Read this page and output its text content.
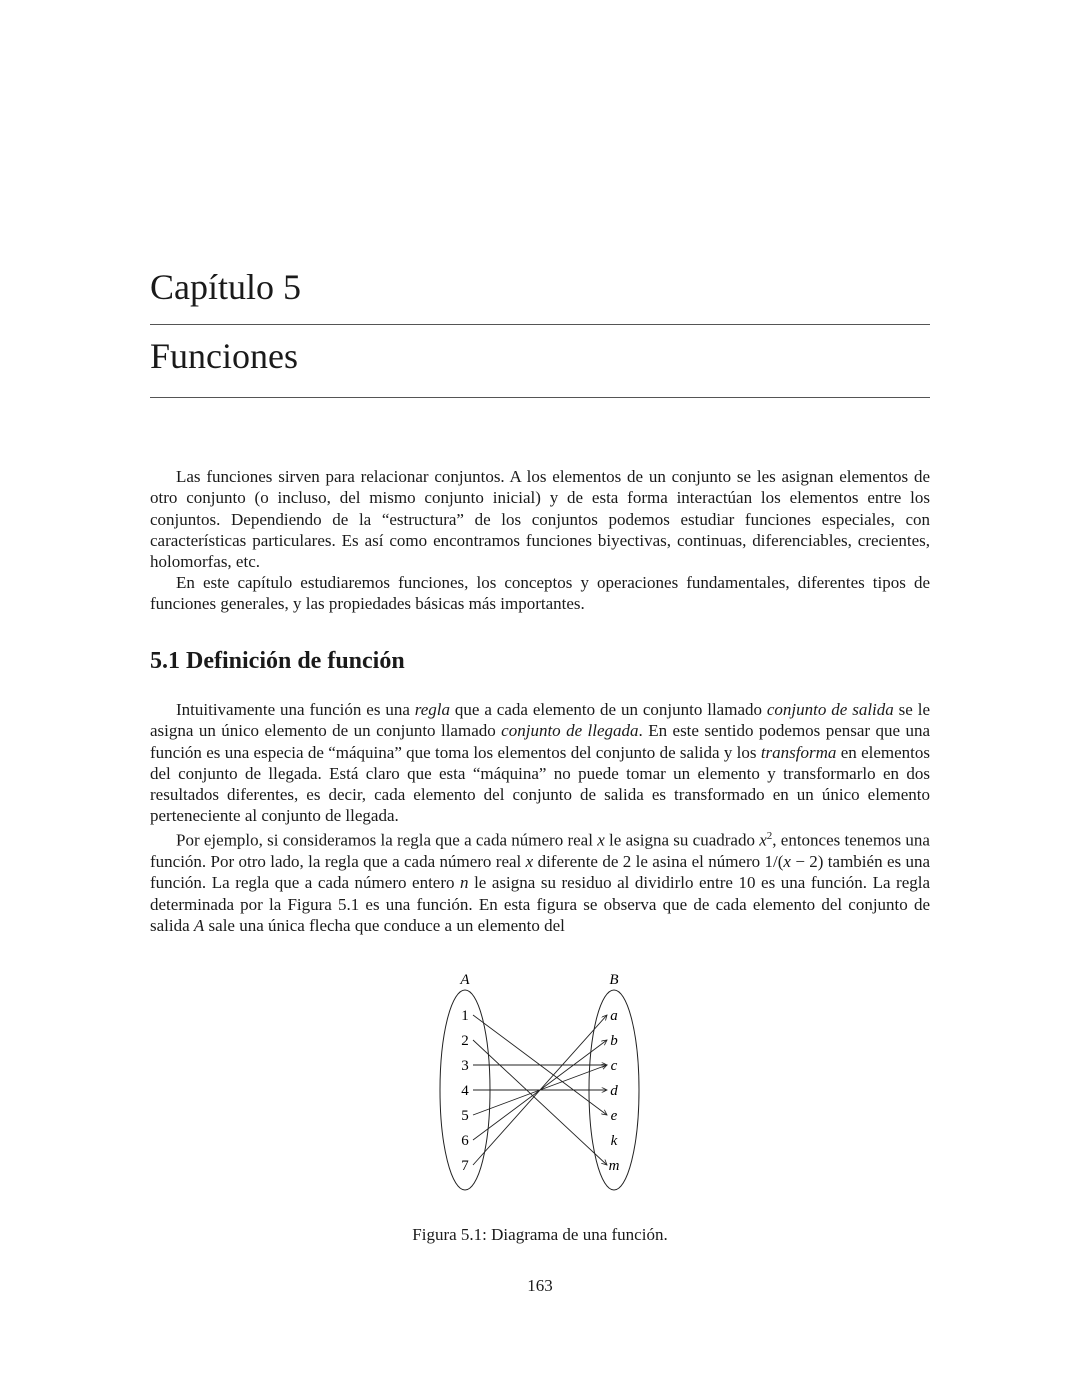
Capítulo 5
Funciones
Las funciones sirven para relacionar conjuntos. A los elementos de un conjunto se les asignan elementos de otro conjunto (o incluso, del mismo conjunto inicial) y de esta forma interactúan los elementos entre los conjuntos. Dependiendo de la “estructura” de los conjuntos podemos estudiar funciones especiales, con características particulares. Es así como encontramos funciones biyectivas, continuas, diferenciables, crecientes, holomorfas, etc.
En este capítulo estudiaremos funciones, los conceptos y operaciones fundamentales, diferentes tipos de funciones generales, y las propiedades básicas más importantes.
5.1 Definición de función
Intuitivamente una función es una regla que a cada elemento de un conjunto llamado conjunto de salida se le asigna un único elemento de un conjunto llamado conjunto de llegada. En este sentido podemos pensar que una función es una especia de “máquina” que toma los elementos del conjunto de salida y los transforma en elementos del conjunto de llegada. Está claro que esta “máquina” no puede tomar un elemento y transformarlo en dos resultados diferentes, es decir, cada elemento del conjunto de salida es transformado en un único elemento perteneciente al conjunto de llegada.
Por ejemplo, si consideramos la regla que a cada número real x le asigna su cuadrado $x^2$, entonces tenemos una función. Por otro lado, la regla que a cada número real x diferente de 2 le asina el número 1/(x − 2) también es una función. La regla que a cada número entero n le asigna su residuo al dividirlo entre 10 es una función. La regla determinada por la Figura 5.1 es una función. En esta figura se observa que de cada elemento del conjunto de salida A sale una única flecha que conduce a un elemento del
A	B
1
2
3
4
5
6
7
a
b
c
d
e
k
m
Figura 5.1: Diagrama de una función.
163
